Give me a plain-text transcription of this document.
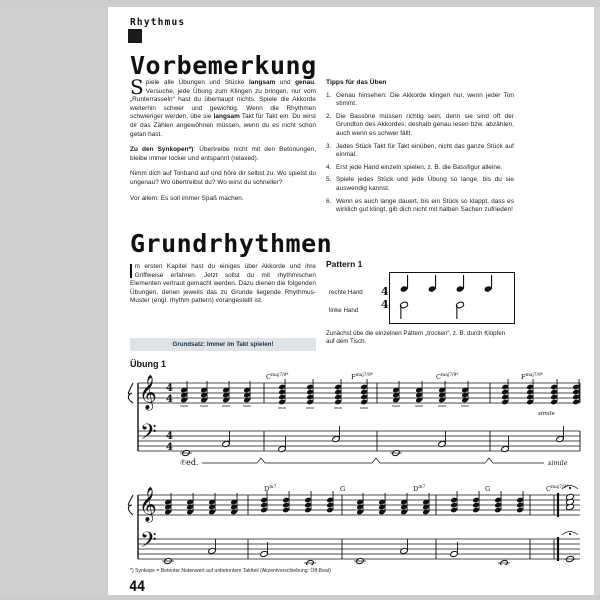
Rhythmus
Vorbemerkung

Spiele alle Übungen und Stücke langsam und genau. Versuche, jede Übung zum Klingen zu bringen, nur vom „Runterrasseln“ hast du überhaupt nichts. Spiele die Akkorde weiterhin schwer und gewichtig. Wenn die Rhythmen schwieriger werden, übe sie langsam Takt für Takt ein. Du wirst dir das Zählen angewöhnen müssen, wenn du es nicht schon getan hast.

Zu den Synkopen*): Übertreibe nicht mit den Betonungen, bleibe immer locker und entspannt (relaxed).

Nimm dich auf Tonband auf und höre dir selbst zu. Wo spielst du ungenau? Wo übertreibst du? Wo wirst du schneller?

Vor allem: Es soll immer Spaß machen.

Tipps für das Üben
Genau hinsehen: Die Akkorde klingen nur, wenn jeder Ton stimmt.
Die Bassöne müssen richtig sein, denn sie sind oft der Grundton des Akkordes; deshalb genau lesen bzw. abzählen, auch wenn es schwer fällt.
Jedes Stück Takt für Takt einüben, nicht das ganze Stück auf einmal.
Erst jede Hand einzeln spielen, z. B. die Bassfigur alleine.
Spiele jedes Stück und jede Übung so lange, bis du sie auswendig kannst.
Wenn es auch lange dauert, bis ein Stück so klappt, dass es wirklich gut klingt, gib dich nicht mit halben Sachen zufrieden!
Grundrhythmen

m ersten Kapitel hast du einiges über Akkorde und ihre Griffweise erfahren. Jetzt sollst du mit rhythmischen Elementen vertraut gemacht werden. Dazu dienen die folgenden Übungen, denen jeweils das zu Grunde liegende Rhythmus-Muster (engl. rhythm pattern) vorangestellt ist.

Grundsatz: Immer im Takt spielen!
Übung 1
Pattern 1
rechte Hand
linke Hand
4
4
Zunächst übe die einzelnen Pattern „trocken“, z. B. durch Klopfen auf dem Tisch.
$C^{maj7/9*}$	$F^{maj7/9*}$	$C^{maj7/9*}$	$F^{maj7/9*}$
𝄞 4
4
𝄢 4
4
℗ed.	simile
simile
$D^{m7}$	G	$D^{m7}$	G	$C^{maj7/9*}$
𝄞
𝄢
*) Synkope = Betonter Notenwert auf unbetontem Taktteil (Akzentverschiebung; Off-Beat)
44
